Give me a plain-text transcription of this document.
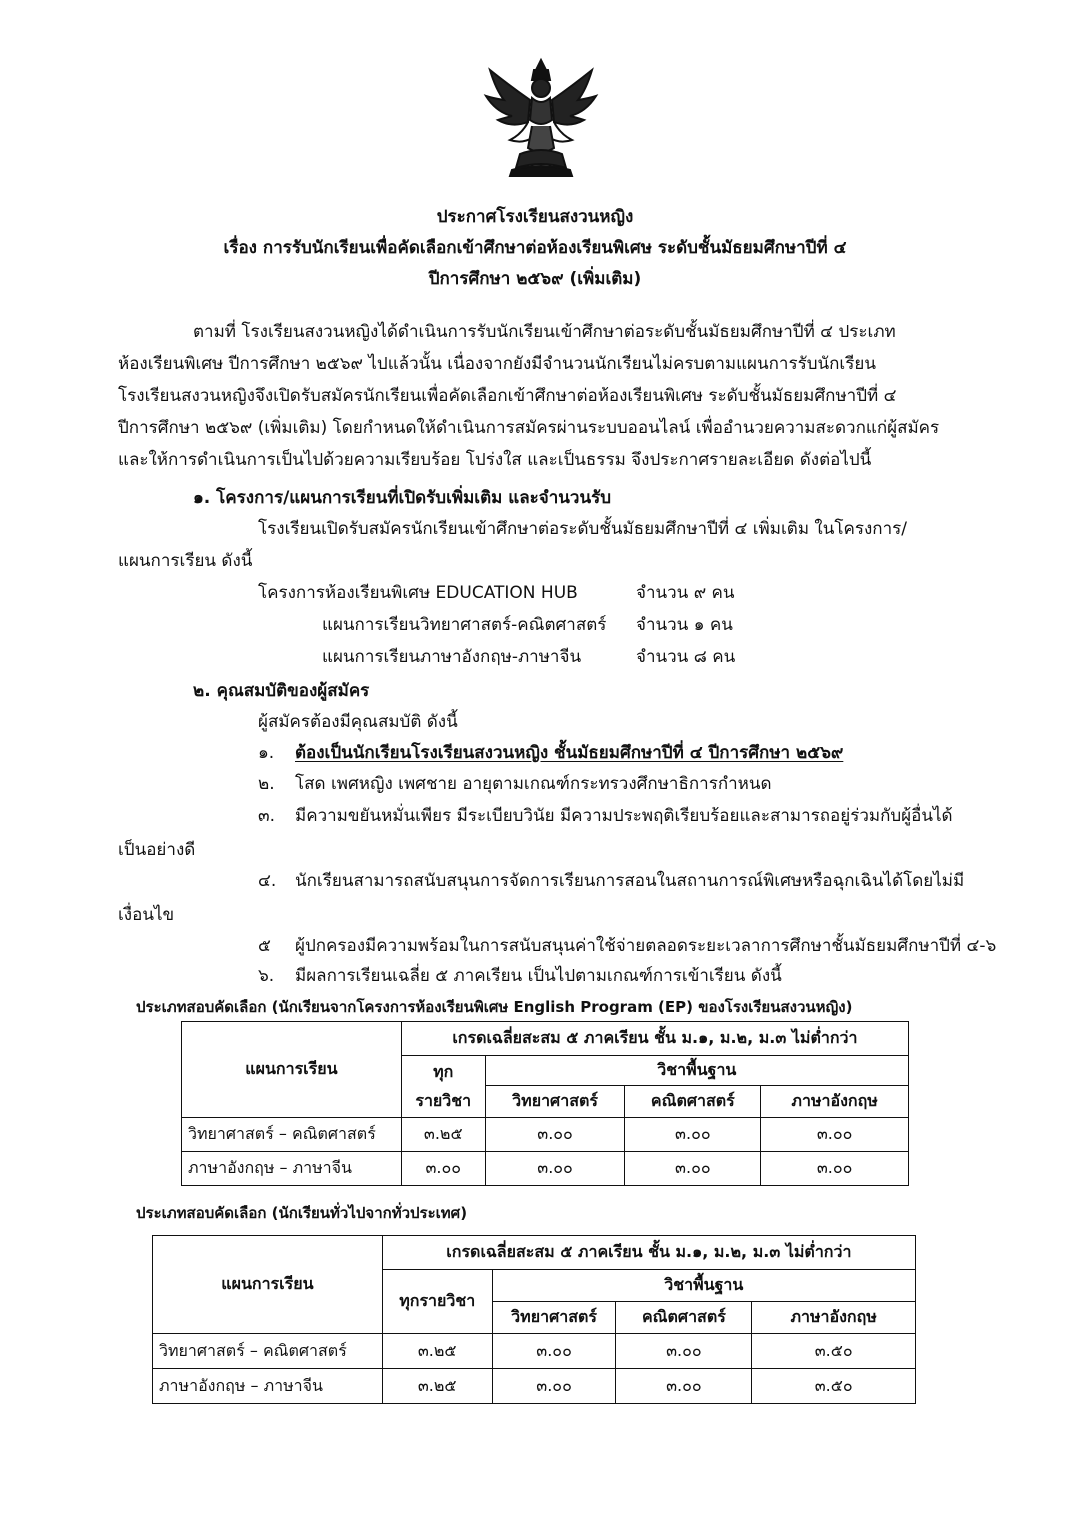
ประกาศโรงเรียนสงวนหญิง
เรื่อง การรับนักเรียนเพื่อคัดเลือกเข้าศึกษาต่อห้องเรียนพิเศษ ระดับชั้นมัธยมศึกษาปีที่ ๔
ปีการศึกษา ๒๕๖๙ (เพิ่มเติม)
ตามที่ โรงเรียนสงวนหญิงได้ดำเนินการรับนักเรียนเข้าศึกษาต่อระดับชั้นมัธยมศึกษาปีที่ ๔ ประเภท
ห้องเรียนพิเศษ ปีการศึกษา ๒๕๖๙ ไปแล้วนั้น เนื่องจากยังมีจำนวนนักเรียนไม่ครบตามแผนการรับนักเรียน
โรงเรียนสงวนหญิงจึงเปิดรับสมัครนักเรียนเพื่อคัดเลือกเข้าศึกษาต่อห้องเรียนพิเศษ ระดับชั้นมัธยมศึกษาปีที่ ๔
ปีการศึกษา ๒๕๖๙ (เพิ่มเติม) โดยกำหนดให้ดำเนินการสมัครผ่านระบบออนไลน์ เพื่ออำนวยความสะดวกแก่ผู้สมัคร
และให้การดำเนินการเป็นไปด้วยความเรียบร้อย โปร่งใส และเป็นธรรม จึงประกาศรายละเอียด ดังต่อไปนี้
๑. โครงการ/แผนการเรียนที่เปิดรับเพิ่มเติม และจำนวนรับ
โรงเรียนเปิดรับสมัครนักเรียนเข้าศึกษาต่อระดับชั้นมัธยมศึกษาปีที่ ๔ เพิ่มเติม ในโครงการ/
แผนการเรียน ดังนี้
โครงการห้องเรียนพิเศษ EDUCATION HUB	จำนวน ๙ คน
แผนการเรียนวิทยาศาสตร์-คณิตศาสตร์ จำนวน ๑ คน
แผนการเรียนภาษาอังกฤษ-ภาษาจีน	จำนวน ๘ คน
๒. คุณสมบัติของผู้สมัคร
ผู้สมัครต้องมีคุณสมบัติ ดังนี้
๑. ต้องเป็นนักเรียนโรงเรียนสงวนหญิง ชั้นมัธยมศึกษาปีที่ ๔ ปีการศึกษา ๒๕๖๙
๒. โสด เพศหญิง เพศชาย อายุตามเกณฑ์กระทรวงศึกษาธิการกำหนด
๓. มีความขยันหมั่นเพียร มีระเบียบวินัย มีความประพฤติเรียบร้อยและสามารถอยู่ร่วมกับผู้อื่นได้
เป็นอย่างดี
๔. นักเรียนสามารถสนับสนุนการจัดการเรียนการสอนในสถานการณ์พิเศษหรือฉุกเฉินได้โดยไม่มี
เงื่อนไข
๕ ผู้ปกครองมีความพร้อมในการสนับสนุนค่าใช้จ่ายตลอดระยะเวลาการศึกษาชั้นมัธยมศึกษาปีที่ ๔-๖
๖. มีผลการเรียนเฉลี่ย ๕ ภาคเรียน เป็นไปตามเกณฑ์การเข้าเรียน ดังนี้
ประเภทสอบคัดเลือก (นักเรียนจากโครงการห้องเรียนพิเศษ English Program (EP) ของโรงเรียนสงวนหญิง)
แผนการเรียน	เกรดเฉลี่ยสะสม ๕ ภาคเรียน ชั้น ม.๑, ม.๒, ม.๓ ไม่ต่ำกว่า			

	ทุก
รายวิชา	วิชาพื้นฐาน		
		วิทยาศาสตร์	คณิตศาสตร์	ภาษาอังกฤษ
วิทยาศาสตร์ – คณิตศาสตร์	๓.๒๕	๓.๐๐	๓.๐๐	๓.๐๐
ภาษาอังกฤษ – ภาษาจีน	๓.๐๐	๓.๐๐	๓.๐๐	๓.๐๐
ประเภทสอบคัดเลือก (นักเรียนทั่วไปจากทั่วประเทศ)
แผนการเรียน	เกรดเฉลี่ยสะสม ๕ ภาคเรียน ชั้น ม.๑, ม.๒, ม.๓ ไม่ต่ำกว่า			
	ทุกรายวิชา	วิชาพื้นฐาน		
		วิทยาศาสตร์	คณิตศาสตร์	ภาษาอังกฤษ
วิทยาศาสตร์ – คณิตศาสตร์	๓.๒๕	๓.๐๐	๓.๐๐	๓.๕๐
ภาษาอังกฤษ – ภาษาจีน	๓.๒๕	๓.๐๐	๓.๐๐	๓.๕๐
